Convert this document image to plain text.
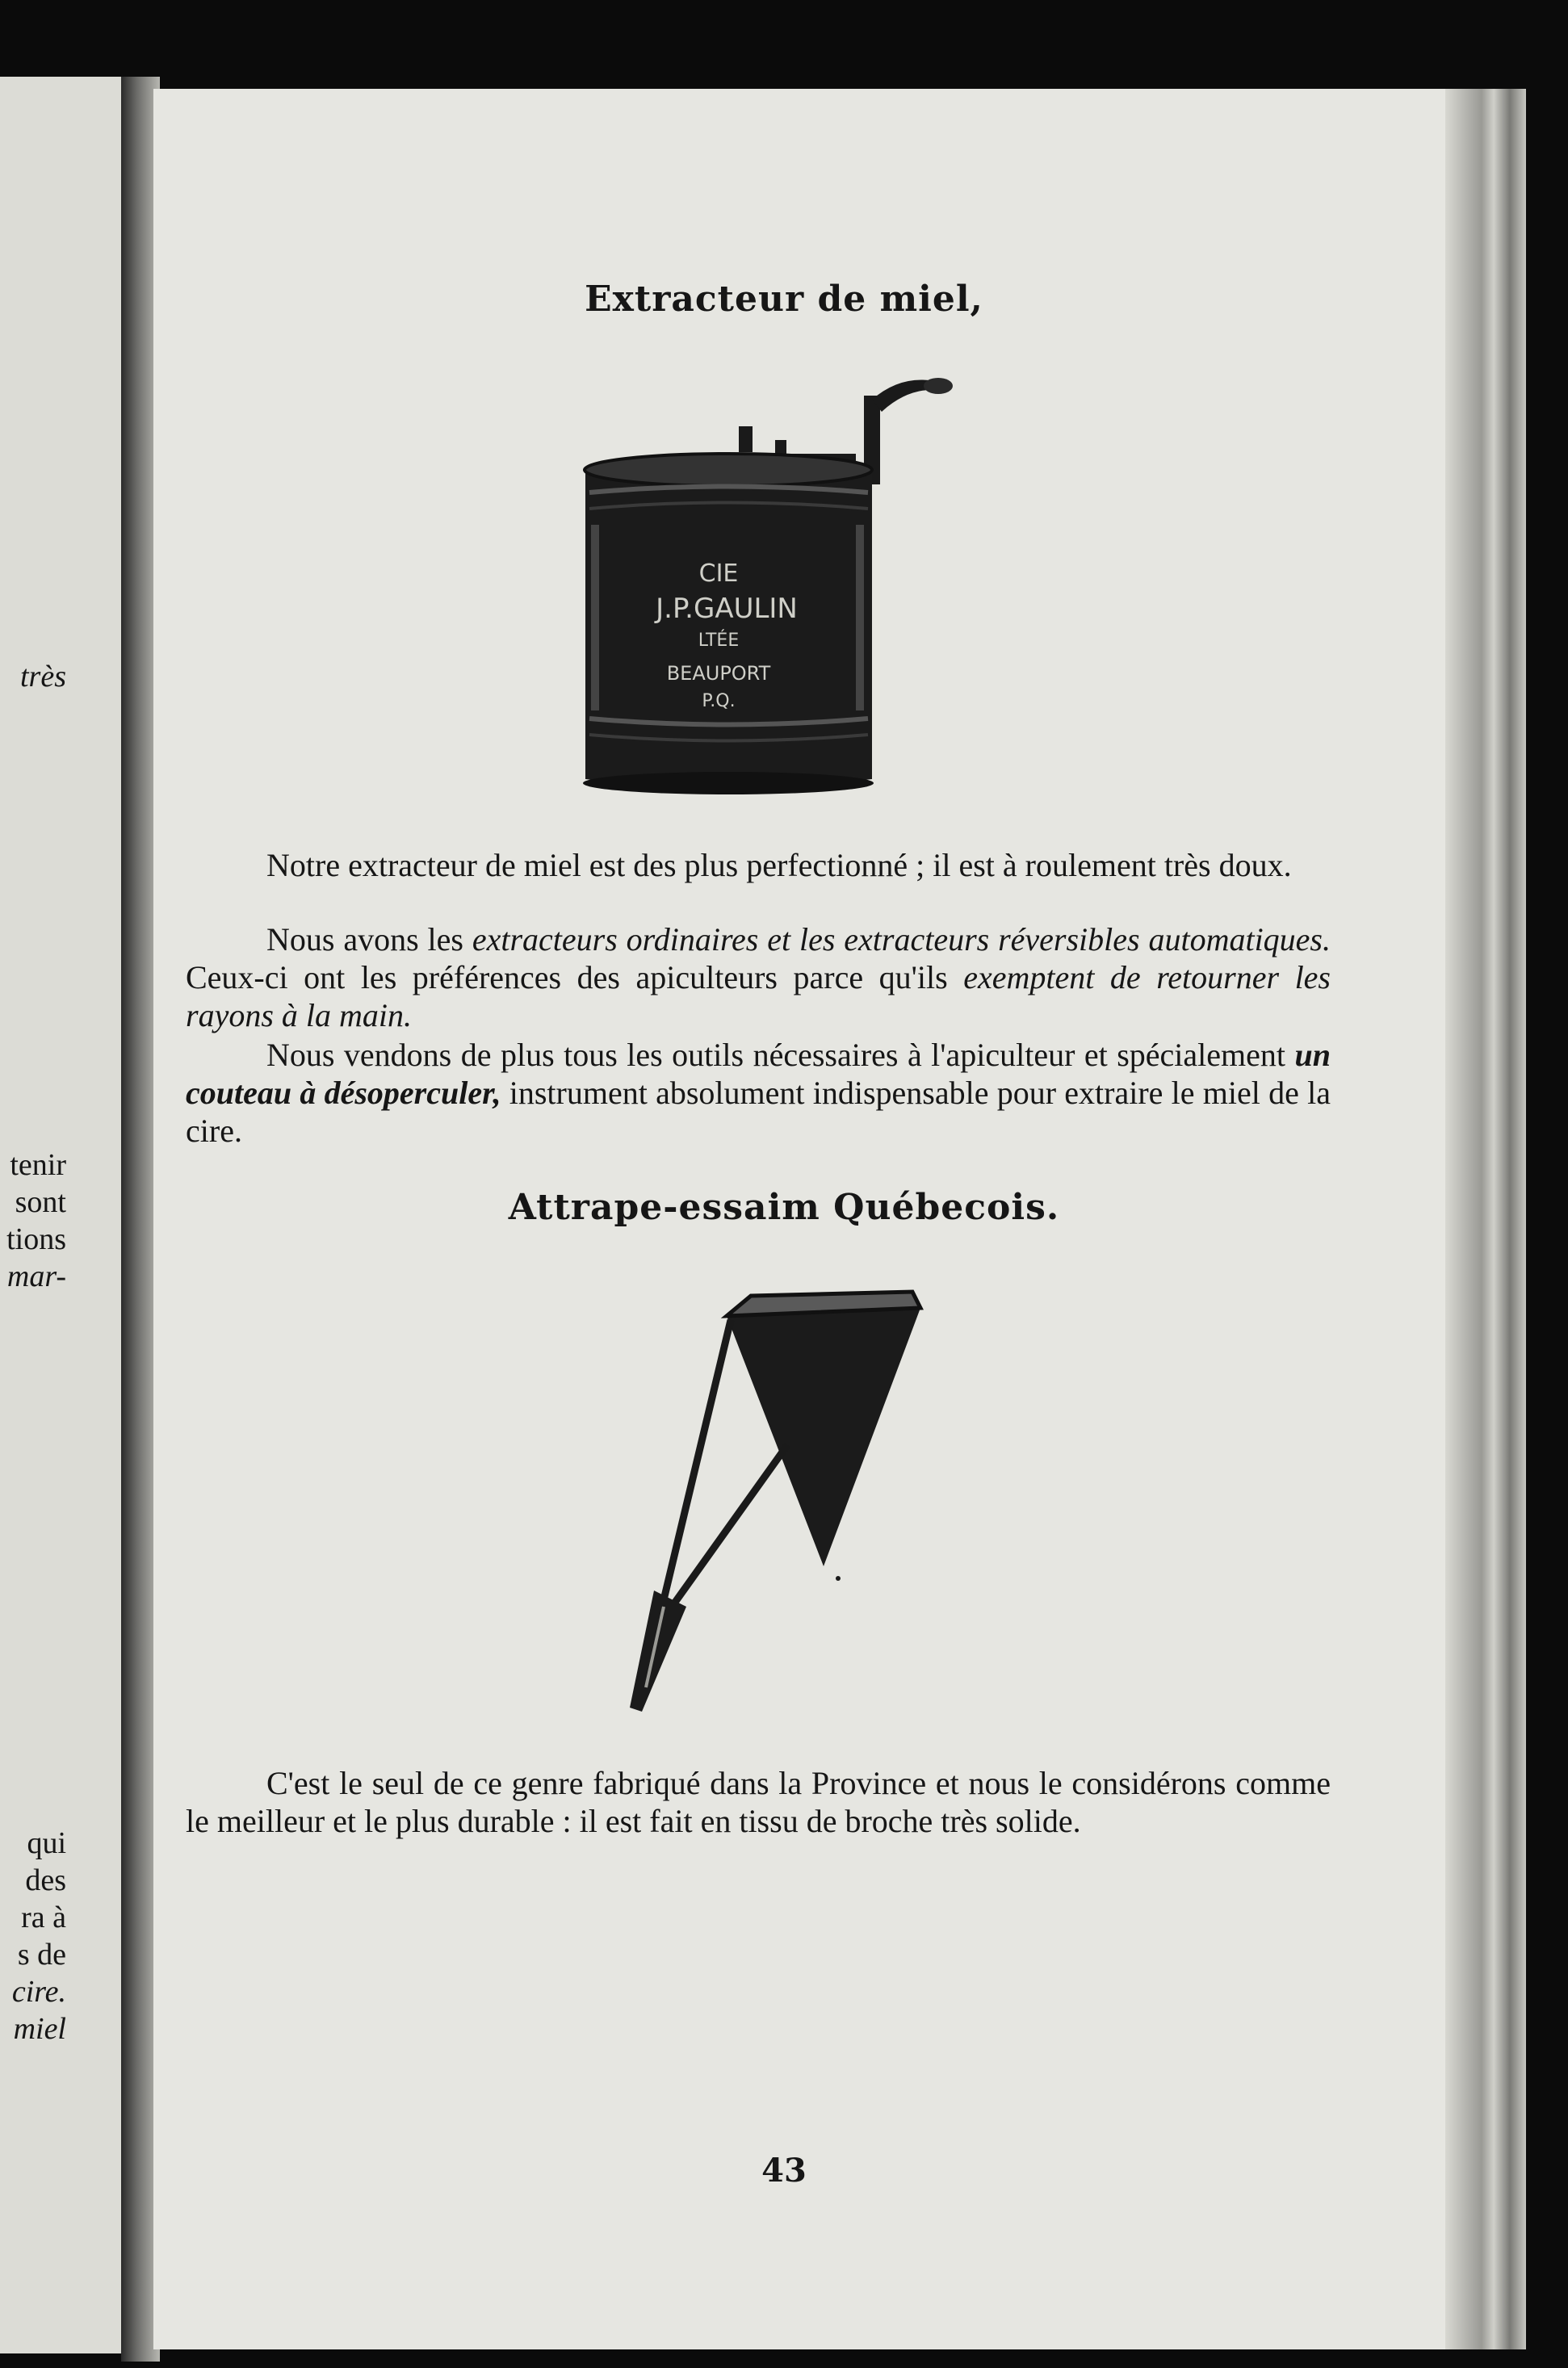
très
tenir
sont
tions
mar-
qui
des
ra à
s de
cire.
miel
Extracteur de miel,
CIE
J.P.GAULIN
LTÉE
BEAUPORT
P.Q.
Notre extracteur de miel est des plus perfectionné ; il est à roulement très doux.
Nous avons les extracteurs ordinaires et les extracteurs réversibles automatiques. Ceux-ci ont les préférences des apiculteurs parce qu'ils exemptent de retourner les rayons à la main.
Nous vendons de plus tous les outils nécessaires à l'apiculteur et spécialement un couteau à désoperculer, instrument absolument indispensable pour extraire le miel de la cire.
Attrape-essaim Québecois.
C'est le seul de ce genre fabriqué dans la Province et nous le considérons comme le meilleur et le plus durable : il est fait en tissu de broche très solide.
43
